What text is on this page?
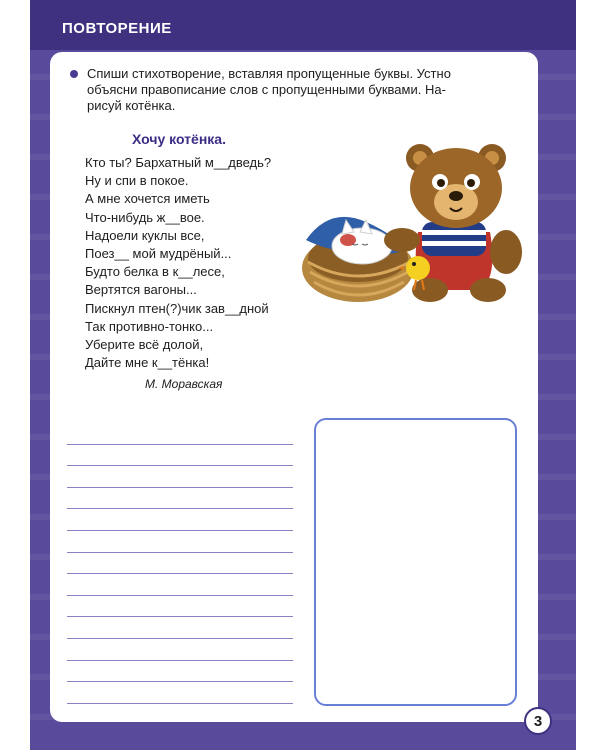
ПОВТОРЕНИЕ
Спиши стихотворение, вставляя пропущенные буквы. Устно
объясни правописание слов с пропущенными буквами. На-
рисуй котёнка.
Хочу котёнка.
Кто ты? Бархатный м__дведь?
Ну и спи в покое.
А мне хочется иметь
Что-нибудь ж__вое.
Надоели куклы все,
Поез__ мой мудрёный...
Будто белка в к__лесе,
Вертятся вагоны...
Пискнул птен(?)чик зав__дной
Так противно-тонко...
Уберите всё долой,
Дайте мне к__тёнка!
М. Моравская
3
